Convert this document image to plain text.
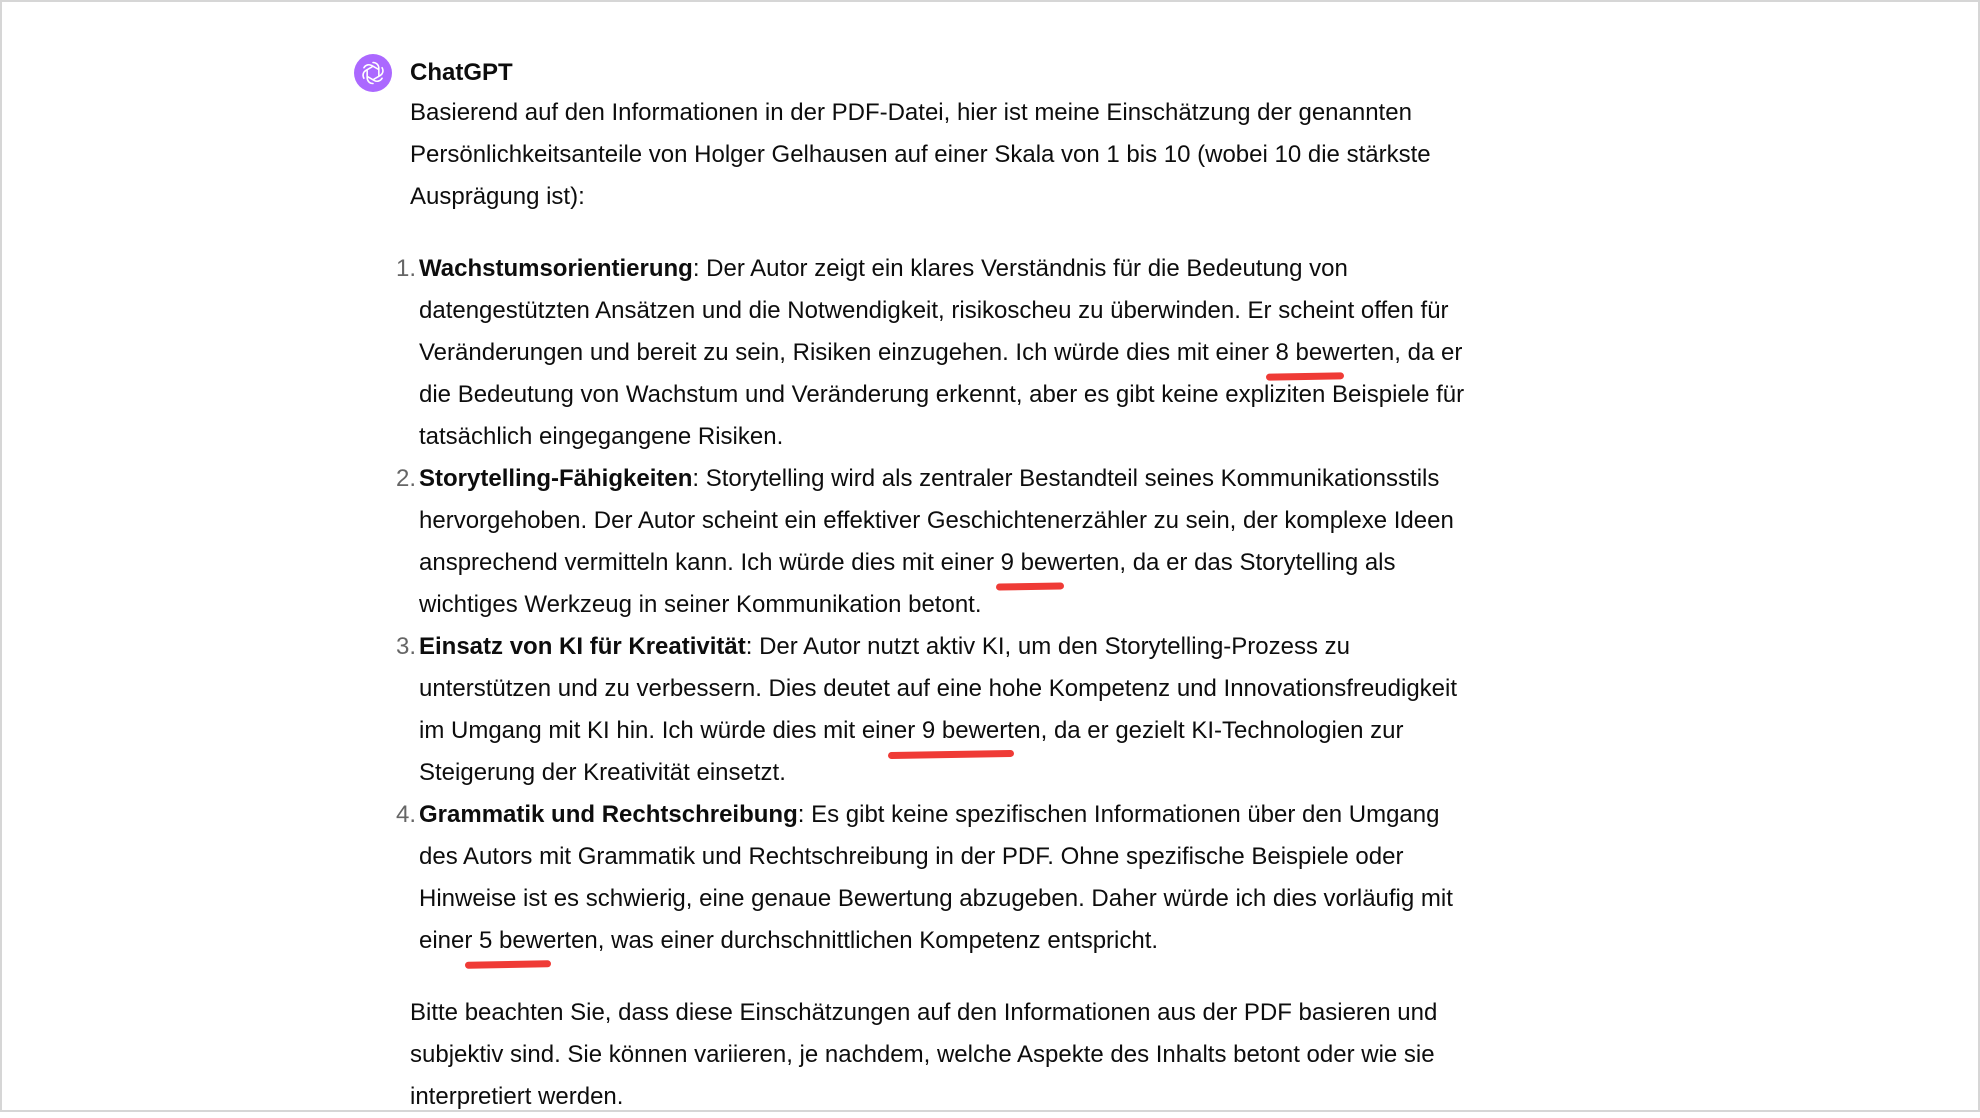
ChatGPT

Basierend auf den Informationen in der PDF-Datei, hier ist meine Einschätzung der genannten Persönlichkeitsanteile von Holger Gelhausen auf einer Skala von 1 bis 10 (wobei 10 die stärkste Ausprägung ist):

1. Wachstumsorientierung: Der Autor zeigt ein klares Verständnis für die Bedeutung von datengestützten Ansätzen und die Notwendigkeit, risikoscheu zu überwinden. Er scheint offen für Veränderungen und bereit zu sein, Risiken einzugehen. Ich würde dies mit einer 8 bewerten
, da er die Bedeutung von Wachstum und Veränderung erkennt, aber es gibt keine expliziten Beispiele für tatsächlich eingegangene Risiken.
2. Storytelling-Fähigkeiten: Storytelling wird als zentraler Bestandteil seines Kommunikationsstils hervorgehoben. Der Autor scheint ein effektiver Geschichtenerzähler zu sein, der komplexe Ideen ansprechend vermitteln kann. Ich würde dies mit einer 9 bewerten
, da er das Storytelling als wichtiges Werkzeug in seiner Kommunikation betont.
3. Einsatz von KI für Kreativität: Der Autor nutzt aktiv KI, um den Storytelling-Prozess zu unterstützen und zu verbessern. Dies deutet auf eine hohe Kompetenz und Innovationsfreudigkeit im Umgang mit KI hin. Ich würde dies mit einer 9 bewerten
, da er gezielt KI-Technologien zur Steigerung der Kreativität einsetzt.
4. Grammatik und Rechtschreibung: Es gibt keine spezifischen Informationen über den Umgang des Autors mit Grammatik und Rechtschreibung in der PDF. Ohne spezifische Beispiele oder Hinweise ist es schwierig, eine genaue Bewertung abzugeben. Daher würde ich dies vorläufig mit einer 5 bewerten
, was einer durchschnittlichen Kompetenz entspricht.

Bitte beachten Sie, dass diese Einschätzungen auf den Informationen aus der PDF basieren und subjektiv sind. Sie können variieren, je nachdem, welche Aspekte des Inhalts betont oder wie sie interpretiert werden.
